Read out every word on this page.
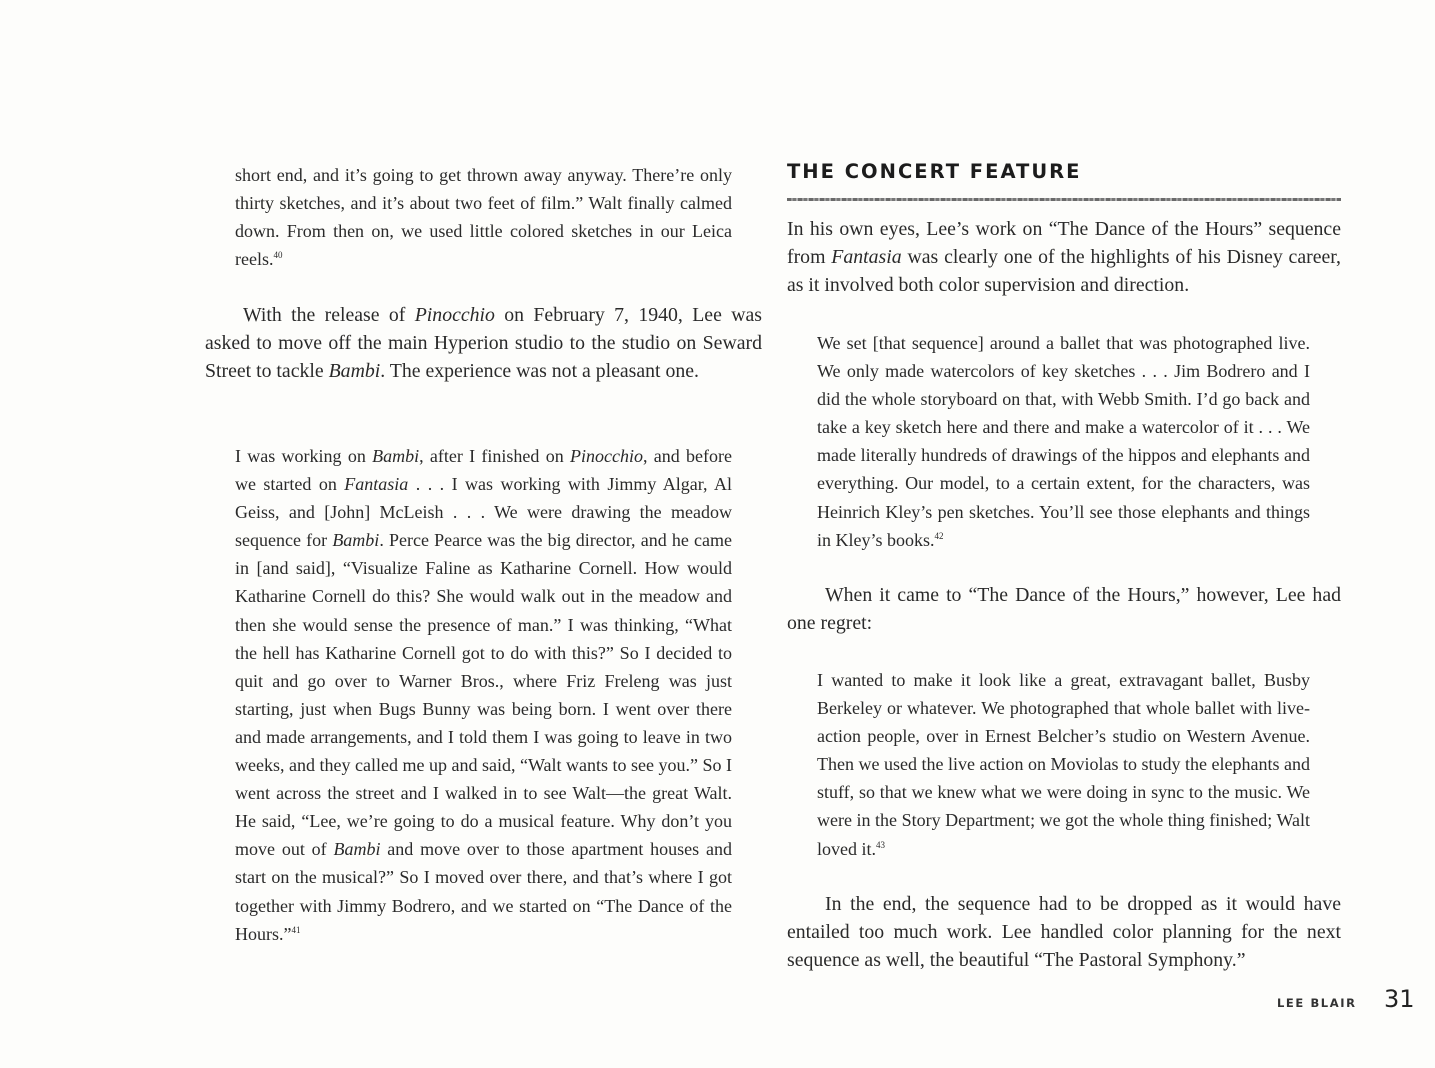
short end, and it’s going to get thrown away anyway. There’re only thirty sketches, and it’s about two feet of film.” Walt finally calmed down. From then on, we used little colored sketches in our Leica reels.$^{40}$

With the release of Pinocchio on February 7, 1940, Lee was asked to move off the main Hyperion studio to the studio on Seward Street to tackle Bambi. The experience was not a pleasant one.

I was working on Bambi, after I finished on Pinocchio, and before we started on Fantasia . . . I was working with Jimmy Algar, Al Geiss, and [John] McLeish . . . We were drawing the meadow sequence for Bambi. Perce Pearce was the big director, and he came in [and said], “Visualize Faline as Katharine Cornell. How would Katharine Cornell do this? She would walk out in the meadow and then she would sense the presence of man.” I was thinking, “What the hell has Katharine Cornell got to do with this?” So I decided to quit and go over to Warner Bros., where Friz Freleng was just starting, just when Bugs Bunny was being born. I went over there and made arrangements, and I told them I was going to leave in two weeks, and they called me up and said, “Walt wants to see you.” So I went across the street and I walked in to see Walt—the great Walt. He said, “Lee, we’re going to do a musical feature. Why don’t you move out of Bambi and move over to those apartment houses and start on the musical?” So I moved over there, and that’s where I got together with Jimmy Bodrero, and we started on “The Dance of the Hours.”$^{41}$

THE CONCERT FEATURE

In his own eyes, Lee’s work on “The Dance of the Hours” sequence from Fantasia was clearly one of the highlights of his Disney career, as it involved both color supervision and direction.

We set [that sequence] around a ballet that was photographed live. We only made watercolors of key sketches . . . Jim Bodrero and I did the whole storyboard on that, with Webb Smith. I’d go back and take a key sketch here and there and make a watercolor of it . . . We made literally hundreds of drawings of the hippos and elephants and everything. Our model, to a certain extent, for the characters, was Heinrich Kley’s pen sketches. You’ll see those elephants and things in Kley’s books.$^{42}$

When it came to “The Dance of the Hours,” however, Lee had one regret:

I wanted to make it look like a great, extravagant ballet, Busby Berkeley or whatever. We photographed that whole ballet with live-action people, over in Ernest Belcher’s studio on Western Avenue. Then we used the live action on Moviolas to study the elephants and stuff, so that we knew what we were doing in sync to the music. We were in the Story Department; we got the whole thing finished; Walt loved it.$^{43}$

In the end, the sequence had to be dropped as it would have entailed too much work. Lee handled color planning for the next sequence as well, the beautiful “The Pastoral Symphony.”

LEE BLAIR 31
